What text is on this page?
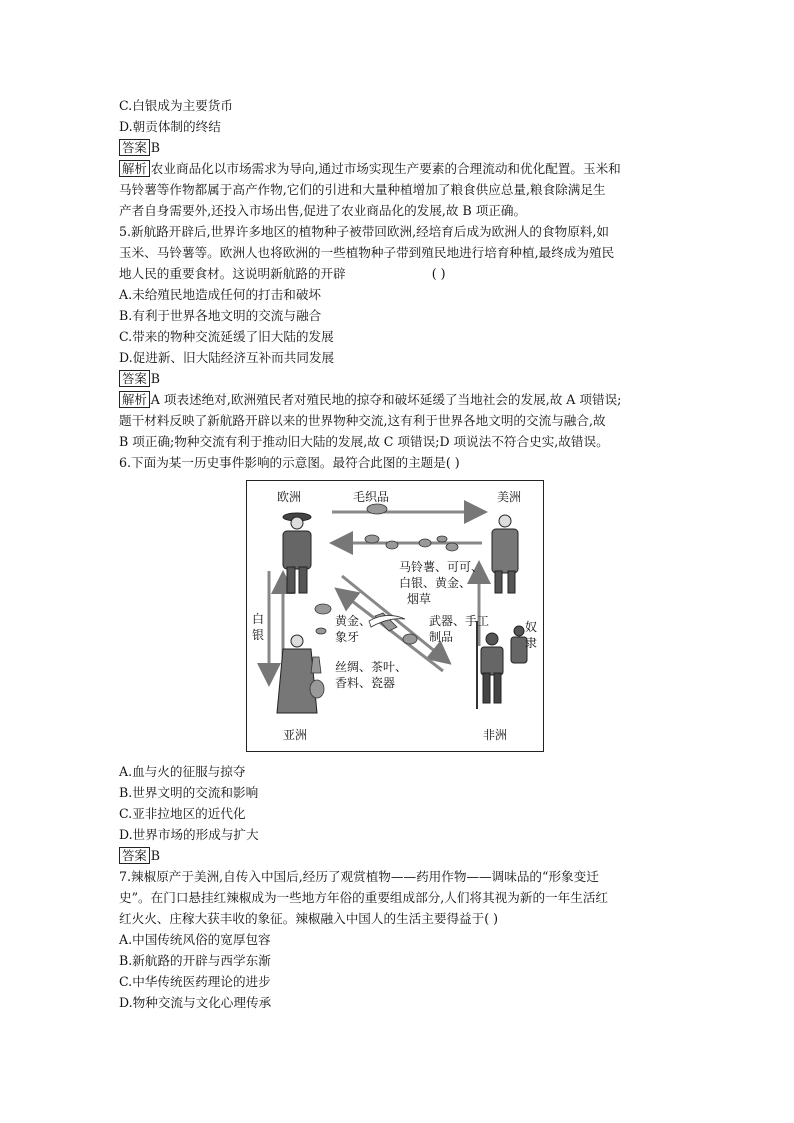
C.白银成为主要货币
D.朝贡体制的终结
答案 B
解析 农业商品化以市场需求为导向,通过市场实现生产要素的合理流动和优化配置。玉米和
马铃薯等作物都属于高产作物,它们的引进和大量种植增加了粮食供应总量,粮食除满足生
产者自身需要外,还投入市场出售,促进了农业商品化的发展,故 B 项正确。
5.新航路开辟后,世界许多地区的植物种子被带回欧洲,经培育后成为欧洲人的食物原料,如
玉米、马铃薯等。欧洲人也将欧洲的一些植物种子带到殖民地进行培育种植,最终成为殖民
地人民的重要食材。这说明新航路的开辟	( )
A.未给殖民地造成任何的打击和破坏
B.有利于世界各地文明的交流与融合
C.带来的物种交流延缓了旧大陆的发展
D.促进新、旧大陆经济互补而共同发展
答案 B
解析 A 项表述绝对,欧洲殖民者对殖民地的掠夺和破坏延缓了当地社会的发展,故 A 项错误;
题干材料反映了新航路开辟以来的世界物种交流,这有利于世界各地文明的交流与融合,故
B 项正确;物种交流有利于推动旧大陆的发展,故 C 项错误;D 项说法不符合史实,故错误。
6.下面为某一历史事件影响的示意图。最符合此图的主题是( )
欧洲	美洲
毛织品
马铃薯、可可、
白银、黄金、
烟草
武器、手工
制品
黄金、
象牙
丝绸、茶叶、
香料、瓷器
白
银
奴
隶
亚洲	非洲
A.血与火的征服与掠夺
B.世界文明的交流和影响
C.亚非拉地区的近代化
D.世界市场的形成与扩大
答案 B
7.辣椒原产于美洲,自传入中国后,经历了观赏植物——药用作物——调味品的“形象变迁
史”。在门口悬挂红辣椒成为一些地方年俗的重要组成部分,人们将其视为新的一年生活红
红火火、庄稼大获丰收的象征。辣椒融入中国人的生活主要得益于( )
A.中国传统风俗的宽厚包容
B.新航路的开辟与西学东渐
C.中华传统医药理论的进步
D.物种交流与文化心理传承
